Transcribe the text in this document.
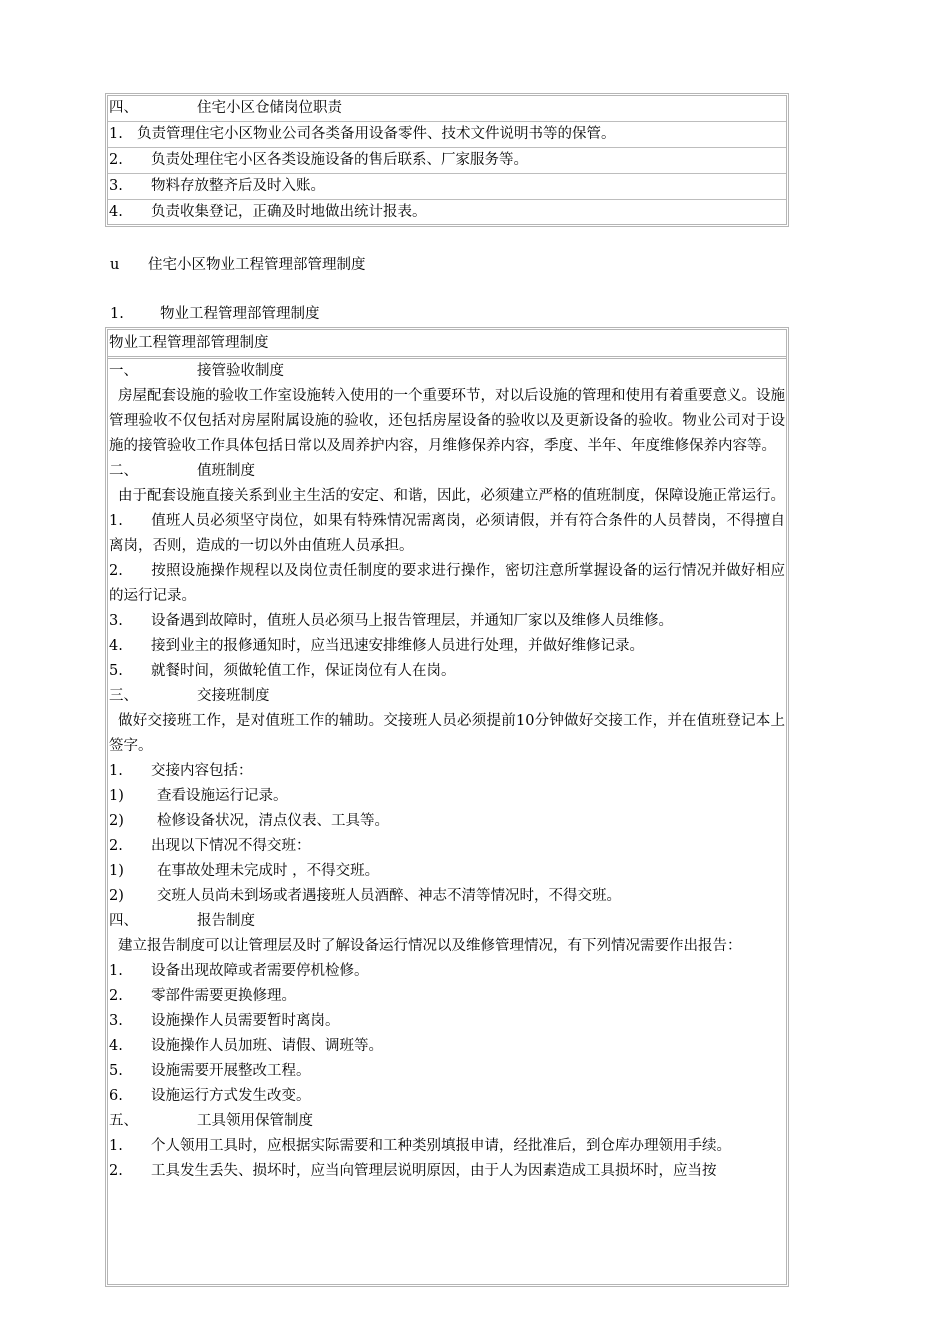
四、	住宅小区仓储岗位职责
1. 负责管理住宅小区物业公司各类备用设备零件、技术文件说明书等的保管。
2. 负责处理住宅小区各类设施设备的售后联系、厂家服务等。
3. 物料存放整齐后及时入账。
4. 负责收集登记，正确及时地做出统计报表。
u 住宅小区物业工程管理部管理制度
1. 物业工程管理部管理制度
物业工程管理部管理制度
一、	接管验收制度
房屋配套设施的验收工作室设施转入使用的一个重要环节，对以后设施的管理和使用有着重要意义。设施管理验收不仅包括对房屋附属设施的验收，还包括房屋设备的验收以及更新设备的验收。物业公司对于设施的接管验收工作具体包括日常以及周养护内容，月维修保养内容，季度、半年、年度维修保养内容等。
二、	值班制度
由于配套设施直接关系到业主生活的安定、和谐，因此，必须建立严格的值班制度，保障设施正常运行。
1. 值班人员必须坚守岗位，如果有特殊情况需离岗，必须请假，并有符合条件的人员替岗，不得擅自离岗，否则，造成的一切以外由值班人员承担。
2. 按照设施操作规程以及岗位责任制度的要求进行操作，密切注意所掌握设备的运行情况并做好相应的运行记录。
3. 设备遇到故障时，值班人员必须马上报告管理层，并通知厂家以及维修人员维修。
4. 接到业主的报修通知时，应当迅速安排维修人员进行处理，并做好维修记录。
5. 就餐时间，须做轮值工作，保证岗位有人在岗。
三、	交接班制度
做好交接班工作，是对值班工作的辅助。交接班人员必须提前10分钟做好交接工作，并在值班登记本上签字。
1. 交接内容包括：
1) 查看设施运行记录。
2) 检修设备状况，清点仪表、工具等。
2. 出现以下情况不得交班：
1) 在事故处理未完成时 ，不得交班。
2) 交班人员尚未到场或者遇接班人员酒醉、神志不清等情况时，不得交班。
四、	报告制度
建立报告制度可以让管理层及时了解设备运行情况以及维修管理情况，有下列情况需要作出报告：
1. 设备出现故障或者需要停机检修。
2. 零部件需要更换修理。
3. 设施操作人员需要暂时离岗。
4. 设施操作人员加班、请假、调班等。
5. 设施需要开展整改工程。
6. 设施运行方式发生改变。
五、	工具领用保管制度
1. 个人领用工具时，应根据实际需要和工种类别填报申请，经批准后，到仓库办理领用手续。
2. 工具发生丢失、损坏时，应当向管理层说明原因，由于人为因素造成工具损坏时，应当按
